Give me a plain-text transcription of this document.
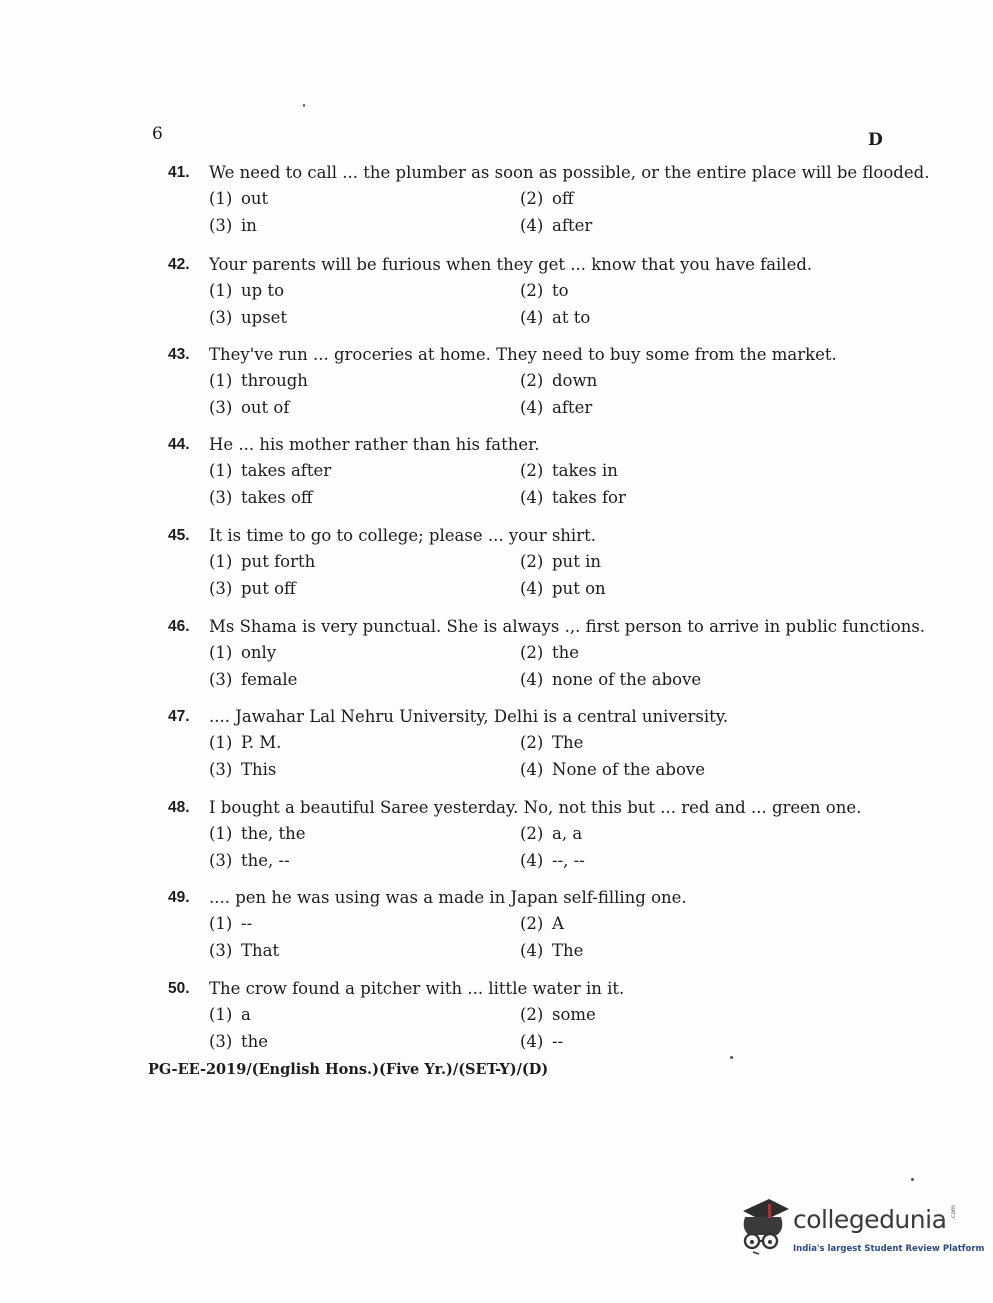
6	D
41.	We need to call ... the plumber as soon as possible, or the entire place will be flooded.
(1) out	(2) off
(3) in	(4) after
42.	Your parents will be furious when they get ... know that you have failed.
(1) up to	(2) to
(3) upset	(4) at to
43.	They've run ... groceries at home. They need to buy some from the market.
(1) through	(2) down
(3) out of	(4) after
44.	He ... his mother rather than his father.
(1) takes after	(2) takes in
(3) takes off	(4) takes for
45.	It is time to go to college; please ... your shirt.
(1) put forth	(2) put in
(3) put off	(4) put on
46.	Ms Shama is very punctual. She is always .,. first person to arrive in public functions.
(1) only	(2) the
(3) female	(4) none of the above
47.	.... Jawahar Lal Nehru University, Delhi is a central university.
(1) P. M.	(2) The
(3) This	(4) None of the above
48.	I bought a beautiful Saree yesterday. No, not this but ... red and ... green one.
(1) the, the	(2) a, a
(3) the, --	(4) --, --
49.	.... pen he was using was a made in Japan self-filling one.
(1) --	(2) A
(3) That	(4) The
50.	The crow found a pitcher with ... little water in it.
(1) a	(2) some
(3) the	(4) --
PG-EE-2019/(English Hons.)(Five Yr.)/(SET-Y)/(D)
collegedunia .com
India's largest Student Review Platform
